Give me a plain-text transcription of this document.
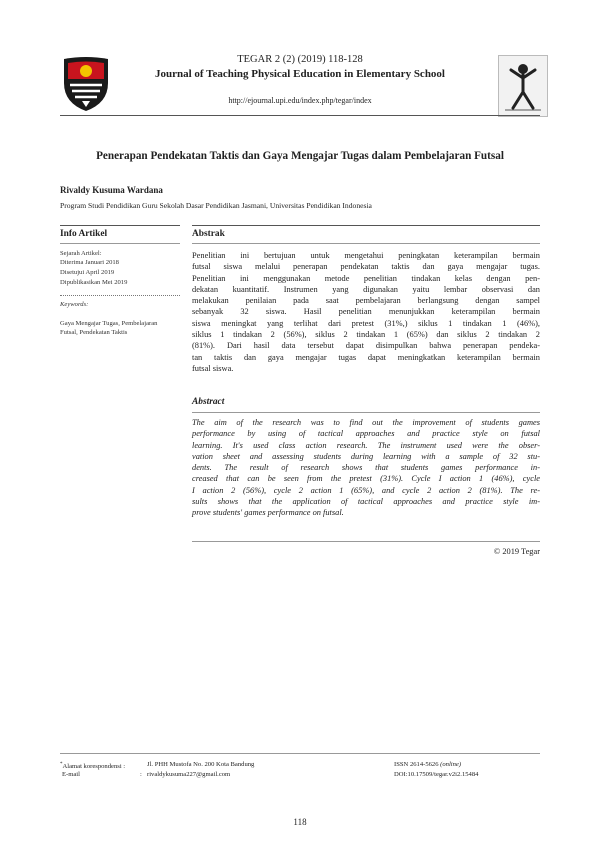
TEGAR 2 (2) (2019) 118-128
Journal of Teaching Physical Education in Elementary School
http://ejournal.upi.edu/index.php/tegar/index
Penerapan Pendekatan Taktis dan Gaya Mengajar Tugas dalam Pembelajaran Futsal
Rivaldy Kusuma Wardana
Program Studi Pendidikan Guru Sekolah Dasar Pendidikan Jasmani, Universitas Pendidikan Indonesia
Info Artikel
Sejarah Artikel:
Diterima Januari 2018
Disetujui April 2019
Dipublikasikan Mei 2019
Keywords:
Gaya Mengajar Tugas, Pembelajaran
Futsal, Pendekatan Taktis
Abstrak
Penelitian ini bertujuan untuk mengetahui peningkatan keterampilan bermain
futsal siswa melalui penerapan pendekatan taktis dan gaya mengajar tugas.
Penelitian ini menggunakan metode penelitian tindakan kelas dengan pen-
dekatan kuantitatif. Instrumen yang digunakan yaitu lembar observasi dan
melakukan penilaian pada saat pembelajaran berlangsung dengan sampel
sebanyak 32 siswa. Hasil penelitian menunjukkan keterampilan bermain
siswa meningkat yang terlihat dari pretest (31%,) siklus 1 tindakan 1 (46%),
siklus 1 tindakan 2 (56%), siklus 2 tindakan 1 (65%) dan siklus 2 tindakan 2
(81%). Dari hasil data tersebut dapat disimpulkan bahwa penerapan pendeka-
tan taktis dan gaya mengajar tugas dapat meningkatkan keterampilan bermain
futsal siswa.
Abstract
The aim of the research was to find out the improvement of students games
performance by using of tactical approaches and practice style on futsal
learning. It's used class action research. The instrument used were the obser-
vation sheet and assessing students during learning with a sample of 32 stu-
dents. The result of research shows that students games performance in-
creased that can be seen from the pretest (31%). Cycle I action 1 (46%), cycle
I action 2 (56%), cycle 2 action 1 (65%), and cycle 2 action 2 (81%). The re-
sults shows that the application of tactical approaches and practice style im-
prove students' games performance on futsal.
© 2019 Tegar
*Alamat korespondensi :	Jl. PHH Mustofa No. 200 Kota Bandung
E-mail	: rivaldykusuma227@gmail.com
ISSN 2614-5626 (online)
DOI:10.17509/tegar.v2i2.15484
118
